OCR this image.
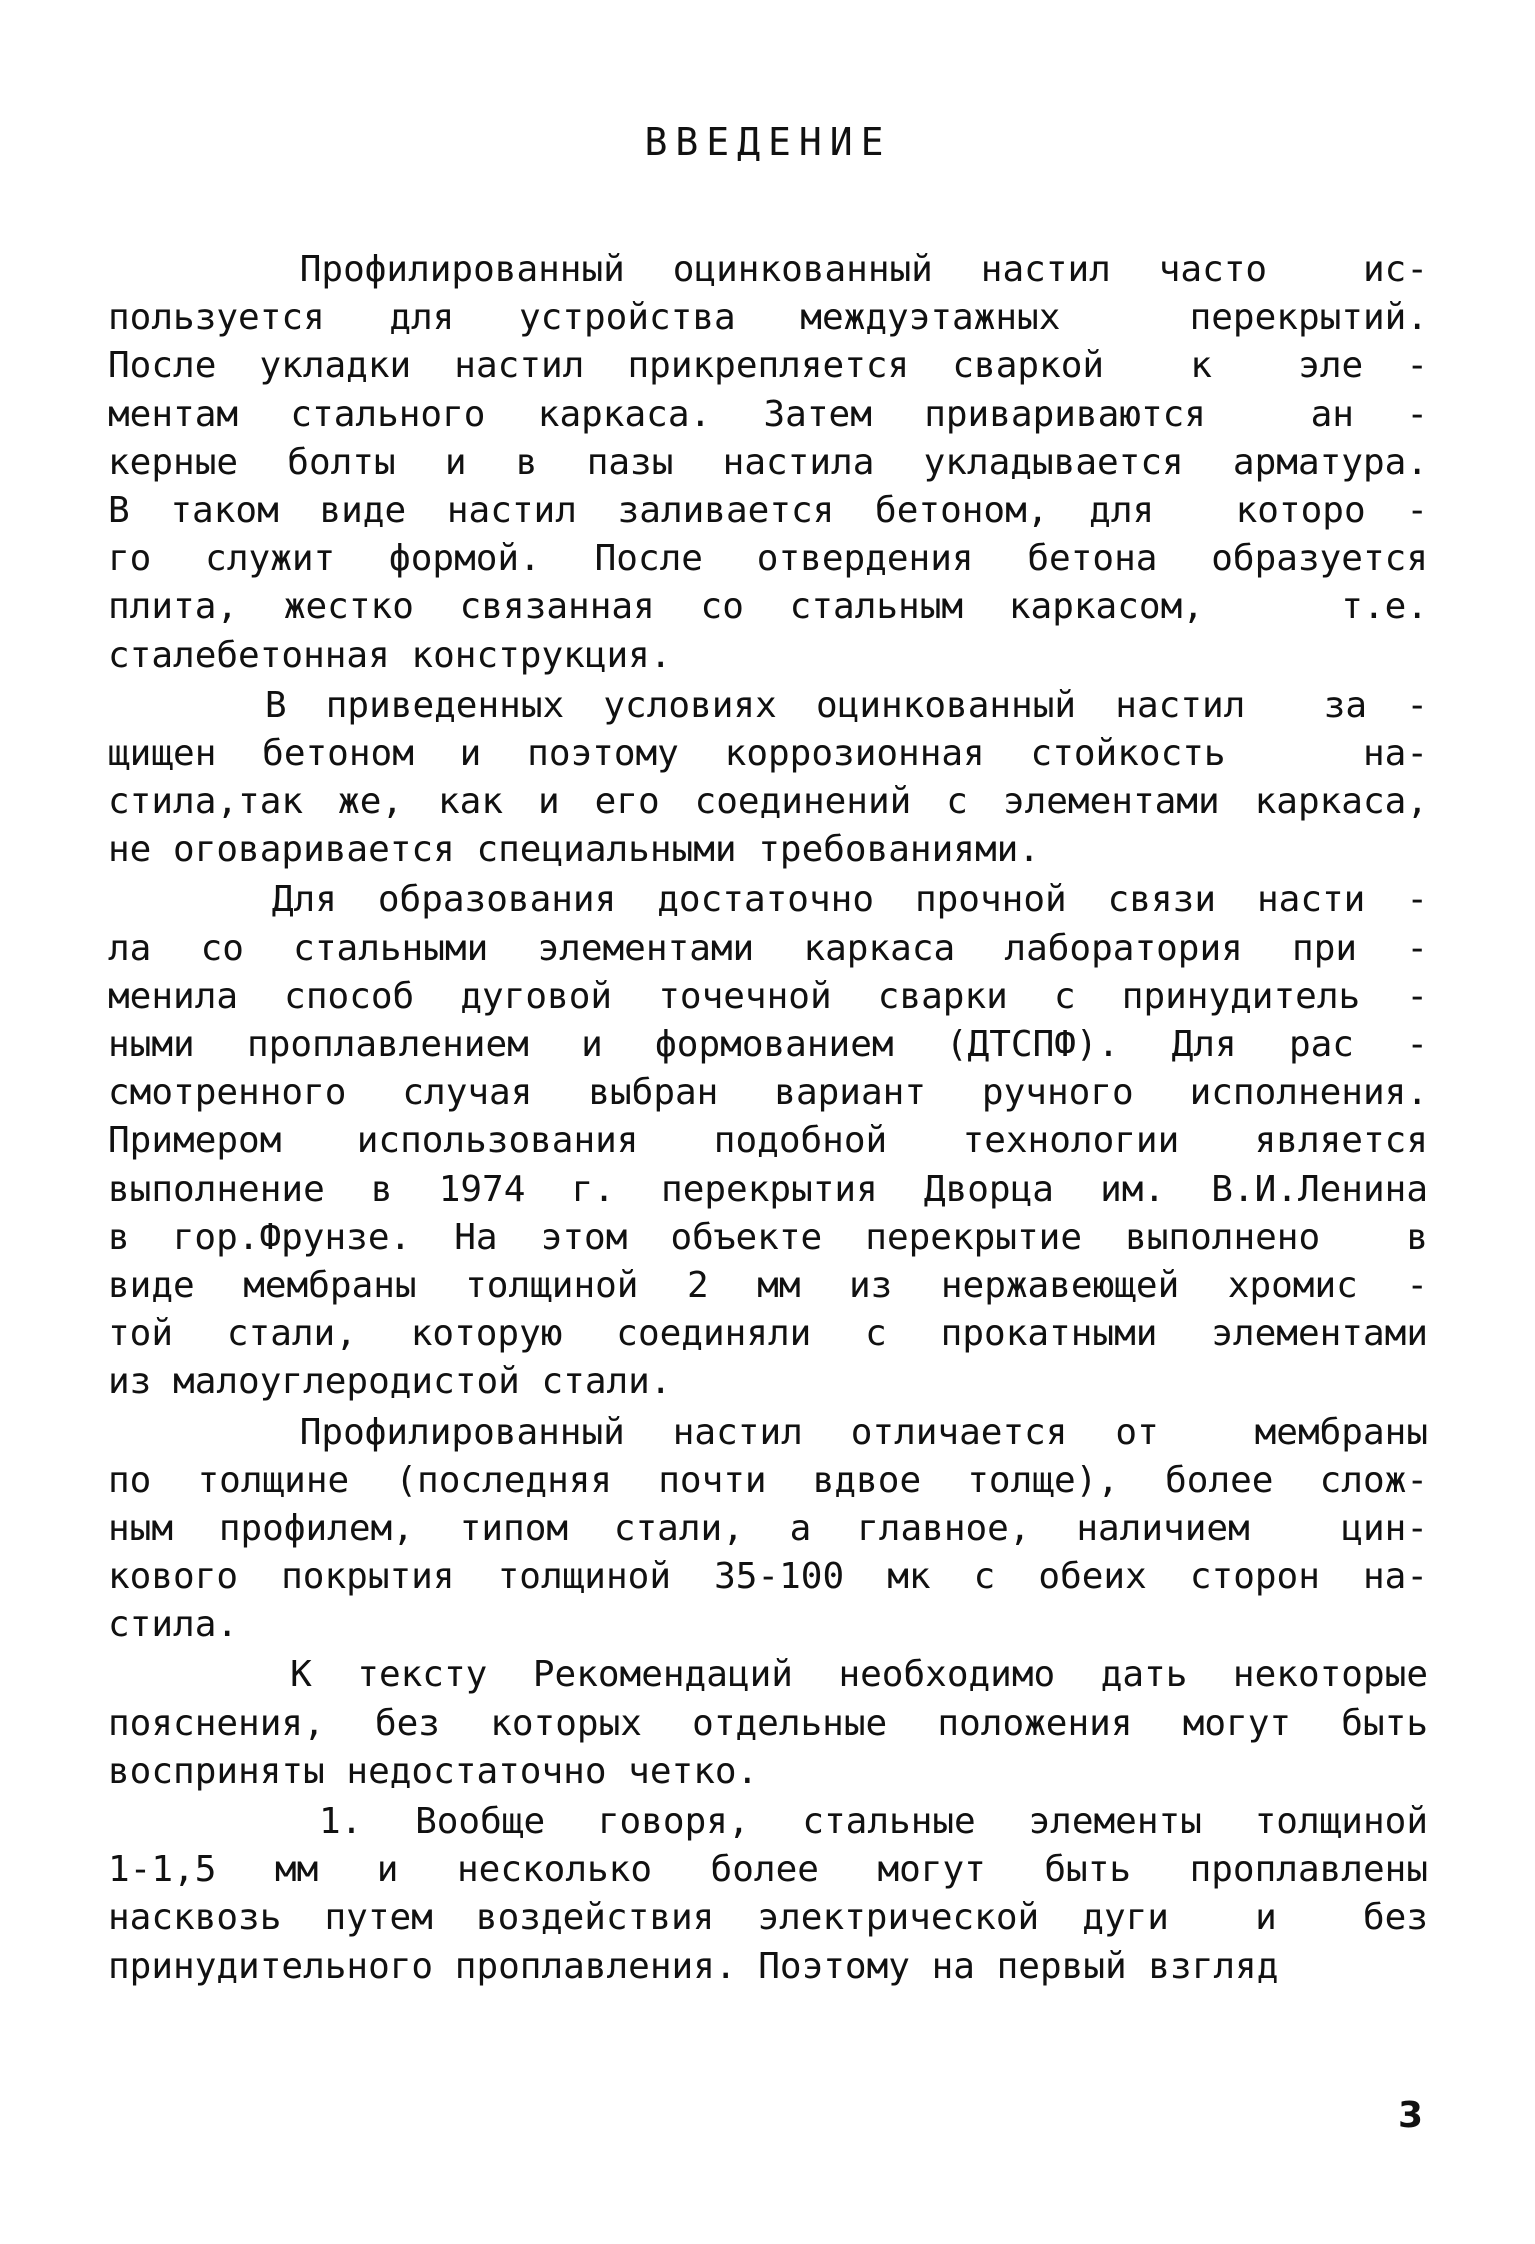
ВВЕДЕНИЕ
Профилированный оцинкованный настил часто  ис-
пользуется для устройства междуэтажных  перекрытий.
После укладки настил прикрепляется сваркой  к  эле -
ментам стального каркаса. Затем привариваются  ан -
керные болты и в пазы настила укладывается арматура.
В таком виде настил заливается бетоном, для  которо -
го служит формой. После отвердения бетона образуется
плита, жестко связанная со стальным каркасом,   т.е.
сталебетонная конструкция.
В приведенных условиях оцинкованный настил  за -
щищен бетоном и поэтому коррозионная стойкость   на-
стила,так же, как и его соединений с элементами каркаса,
не оговаривается специальными требованиями.
Для образования достаточно прочной связи насти -
ла со стальными элементами каркаса лаборатория при -
менила способ дуговой точечной сварки с принудитель -
ными проплавлением и формованием (ДТСПФ). Для рас -
смотренного случая выбран вариант ручного исполнения.
Примером использования подобной технологии является
выполнение в 1974 г. перекрытия Дворца им. В.И.Ленина
в гор.Фрунзе. На этом объекте перекрытие выполнено  в
виде мембраны толщиной 2 мм из нержавеющей хромис -
той стали, которую соединяли с прокатными элементами
из малоуглеродистой стали.
Профилированный настил отличается от  мембраны
по толщине (последняя почти вдвое толще), более слож-
ным профилем, типом стали, а главное, наличием  цин-
кового покрытия толщиной 35-100 мк с обеих сторон на-
стила.
К тексту Рекомендаций необходимо дать некоторые
пояснения, без которых отдельные положения могут быть
восприняты недостаточно четко.
1. Вообще говоря, стальные элементы толщиной
1-1,5 мм и несколько более могут быть проплавлены
насквозь путем воздействия электрической дуги  и  без
принудительного проплавления. Поэтому на первый взгляд
3
